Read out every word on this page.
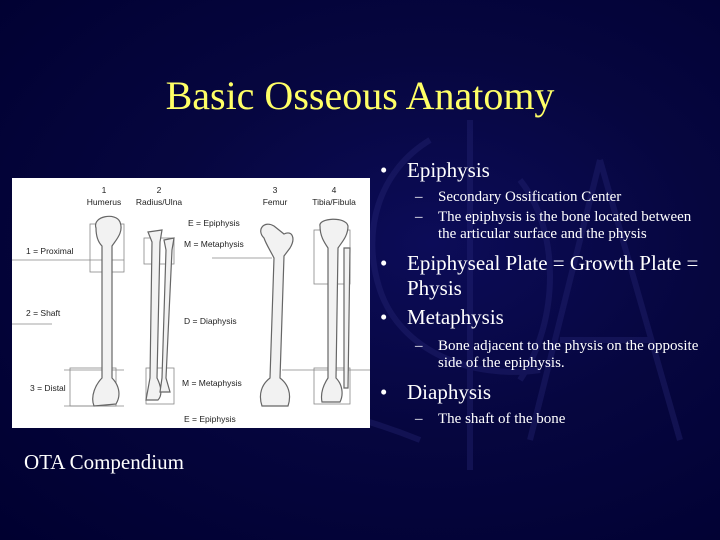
Basic Osseous Anatomy
1
Humerus
2
Radius/Ulna
3
Femur
4
Tibia/Fibula
1 = Proximal
2 = Shaft
3 = Distal
E = Epiphysis
M = Metaphysis
D = Diaphysis
M = Metaphysis
E = Epiphysis
OTA Compendium
• Epiphysis
– Secondary Ossification Center
– The epiphysis is the bone located between the articular surface and the physis
• Epiphyseal Plate = Growth Plate = Physis
• Metaphysis
– Bone adjacent to the physis on the opposite side of the epiphysis.
• Diaphysis
– The shaft of the bone
